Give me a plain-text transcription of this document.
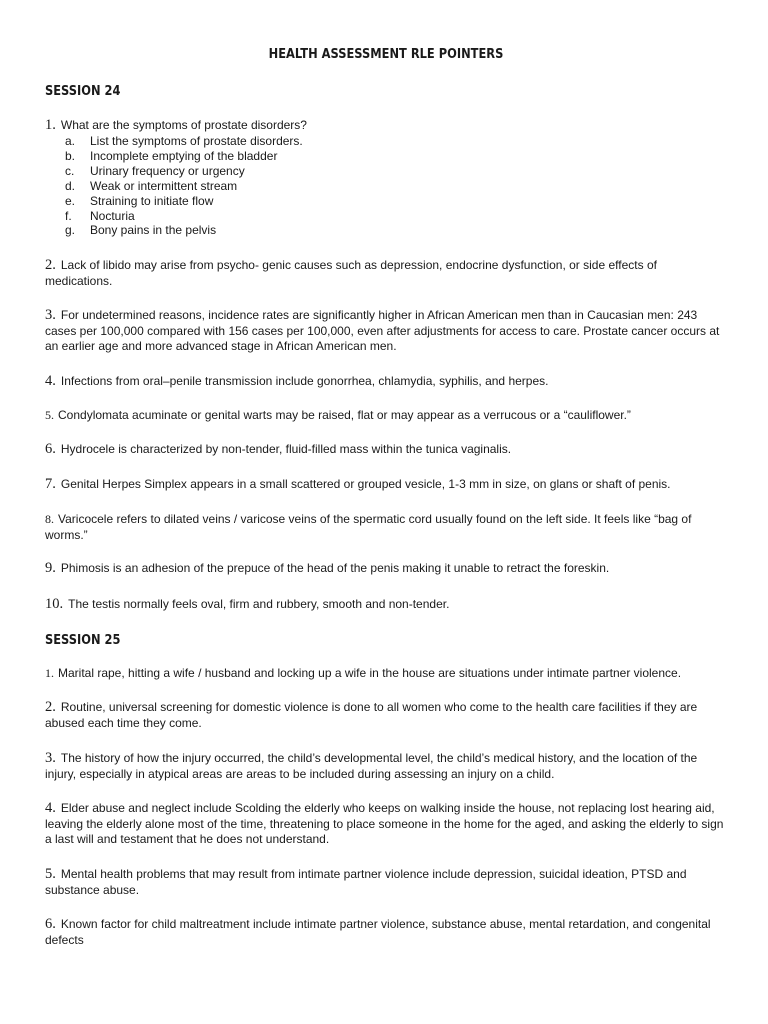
HEALTH ASSESSMENT RLE POINTERS
SESSION 24
1. What are the symptoms of prostate disorders?
a.	List the symptoms of prostate disorders.
b.	Incomplete emptying of the bladder
c.	Urinary frequency or urgency
d.	Weak or intermittent stream
e.	Straining to initiate flow
f.	Nocturia
g.	Bony pains in the pelvis
2. Lack of libido may arise from psycho- genic causes such as depression, endocrine dysfunction, or side effects of medications.
3. For undetermined reasons, incidence rates are significantly higher in African American men than in Caucasian men: 243 cases per 100,000 compared with 156 cases per 100,000, even after adjustments for access to care. Prostate cancer occurs at an earlier age and more advanced stage in African American men.
4. Infections from oral–penile transmission include gonorrhea, chlamydia, syphilis, and herpes.
5. Condylomata acuminate or genital warts may be raised, flat or may appear as a verrucous or a “cauliflower.”
6. Hydrocele is characterized by non-tender, fluid-filled mass within the tunica vaginalis.
7. Genital Herpes Simplex appears in a small scattered or grouped vesicle, 1-3 mm in size, on glans or shaft of penis.
8. Varicocele refers to dilated veins / varicose veins of the spermatic cord usually found on the left side. It feels like “bag of worms.”
9. Phimosis is an adhesion of the prepuce of the head of the penis making it unable to retract the foreskin.
10. The testis normally feels oval, firm and rubbery, smooth and non-tender.
SESSION 25
1. Marital rape, hitting a wife / husband and locking up a wife in the house are situations under intimate partner violence.
2. Routine, universal screening for domestic violence is done to all women who come to the health care facilities if they are abused each time they come.
3. The history of how the injury occurred, the child’s developmental level, the child’s medical history, and the location of the injury, especially in atypical areas are areas to be included during assessing an injury on a child.
4. Elder abuse and neglect include Scolding the elderly who keeps on walking inside the house, not replacing lost hearing aid, leaving the elderly alone most of the time, threatening to place someone in the home for the aged, and asking the elderly to sign a last will and testament that he does not understand.
5. Mental health problems that may result from intimate partner violence include depression, suicidal ideation, PTSD and substance abuse.
6. Known factor for child maltreatment include intimate partner violence, substance abuse, mental retardation, and congenital defects
